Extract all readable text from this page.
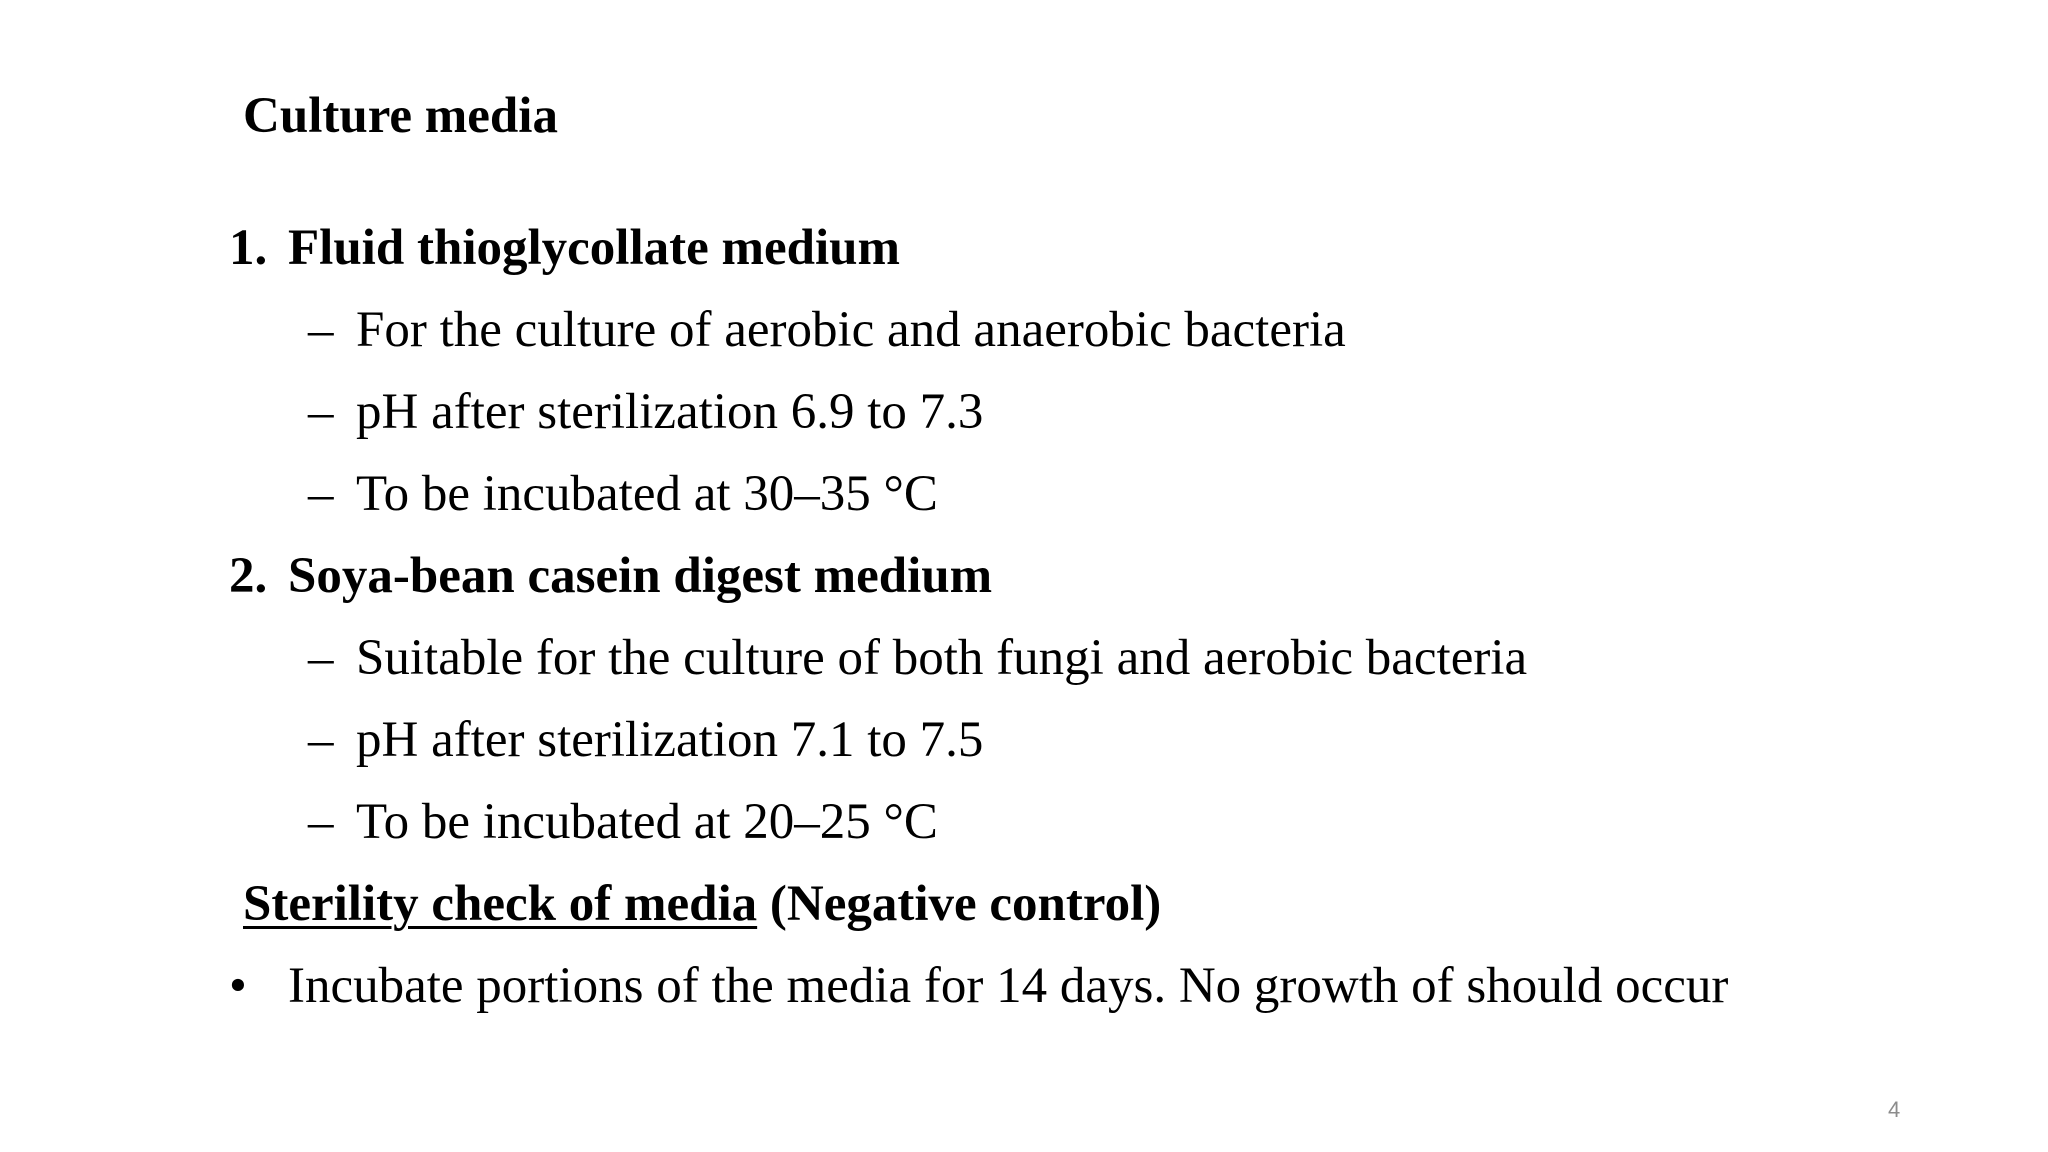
Culture media
1. Fluid thioglycollate medium
– For the culture of aerobic and anaerobic bacteria
– pH after sterilization 6.9 to 7.3
– To be incubated at 30–35 °C
2. Soya-bean casein digest medium
– Suitable for the culture of both fungi and aerobic bacteria
– pH after sterilization 7.1 to 7.5
– To be incubated at 20–25 °C
Sterility check of media (Negative control)
• Incubate portions of the media for 14 days. No growth of should occur
4
